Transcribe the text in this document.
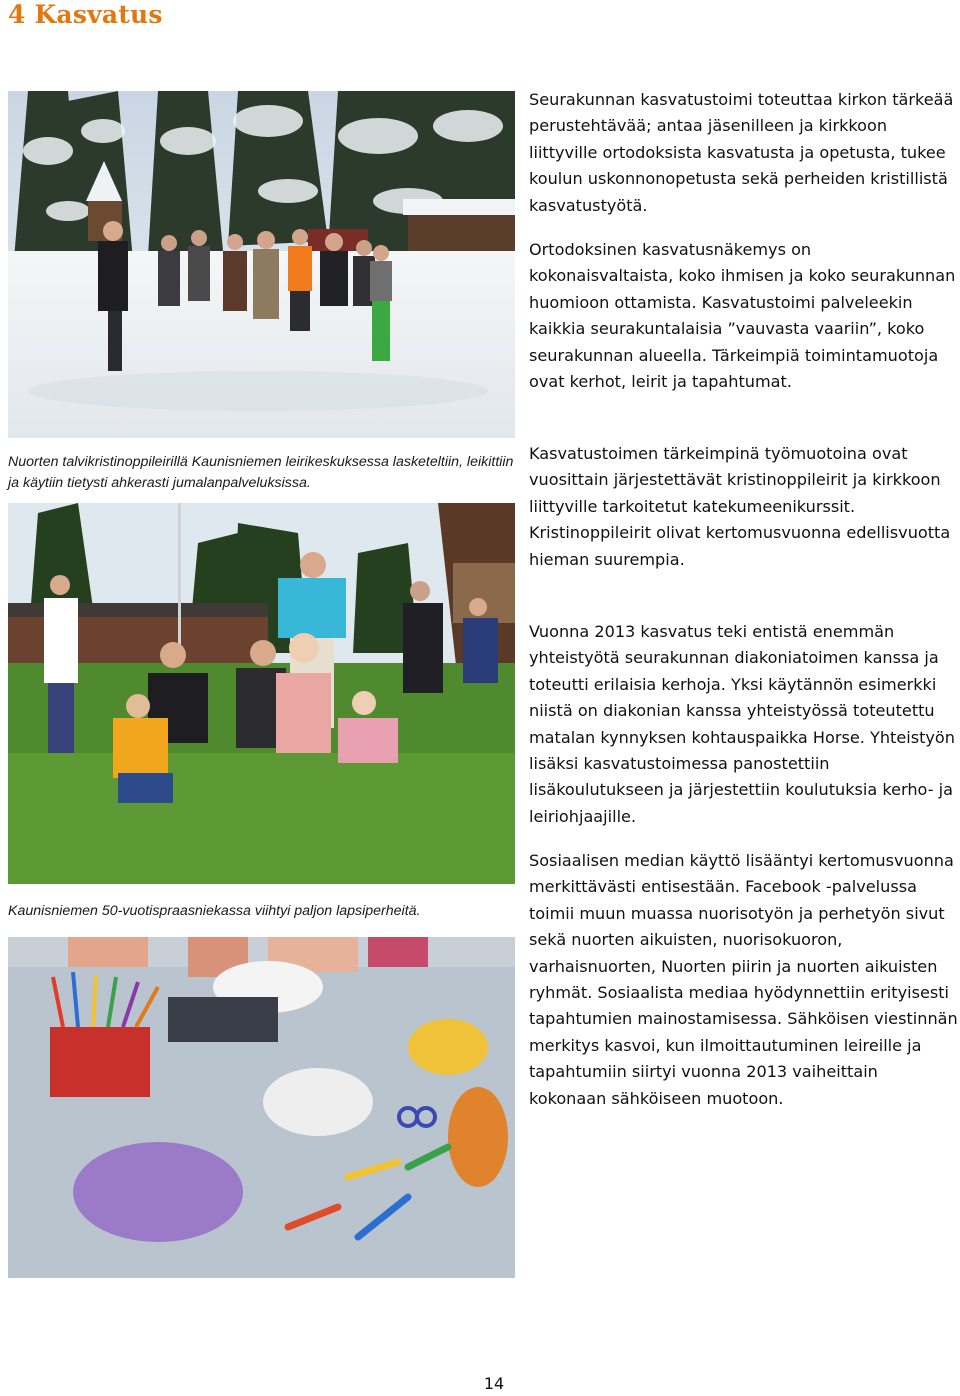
4 Kasvatus

Nuorten talvikristinoppileirillä Kaunisniemen leirikeskuksessa lasketeltiin, leikittiin ja käytiin tietysti ahkerasti jumalanpalveluksissa.

Kaunisniemen 50-vuotispraasniekassa viihtyi paljon lapsiperheitä.

Seurakunnan kasvatustoimi toteuttaa kirkon tärkeää perustehtävää; antaa jäsenilleen ja kirkkoon liittyville ortodoksista kasvatusta ja opetusta, tukee koulun uskonnonopetusta sekä perheiden kristillistä kasvatustyötä.

Ortodoksinen kasvatusnäkemys on kokonaisvaltaista, koko ihmisen ja koko seurakunnan huomioon ottamista. Kasvatustoimi palveleekin kaikkia seurakuntalaisia ”vauvasta vaariin”, koko seurakunnan alueella. Tärkeimpiä toimintamuotoja ovat kerhot, leirit ja tapahtumat.

Kasvatustoimen tärkeimpinä työmuotoina ovat vuosittain järjestettävät kristinoppileirit ja kirkkoon liittyville tarkoitetut katekumeenikurssit. Kristinoppileirit olivat kertomusvuonna edellisvuotta hieman suurempia.

Vuonna 2013 kasvatus teki entistä enemmän yhteistyötä seurakunnan diakoniatoimen kanssa ja toteutti erilaisia kerhoja. Yksi käytännön esimerkki niistä on diakonian kanssa yhteistyössä toteutettu matalan kynnyksen kohtauspaikka Horse. Yhteistyön lisäksi kasvatustoimessa panostettiin lisäkoulutukseen ja järjestettiin koulutuksia kerho- ja leiriohjaajille.

Sosiaalisen median käyttö lisääntyi kertomusvuonna merkittävästi entisestään. Facebook -palvelussa toimii muun muassa nuorisotyön ja perhetyön sivut sekä nuorten aikuisten, nuorisokuoron, varhaisnuorten, Nuorten piirin ja nuorten aikuisten ryhmät. Sosiaalista mediaa hyödynnettiin erityisesti tapahtumien mainostamisessa. Sähköisen viestinnän merkitys kasvoi, kun ilmoittautuminen leireille ja tapahtumiin siirtyi vuonna 2013 vaiheittain kokonaan sähköiseen muotoon.

14
